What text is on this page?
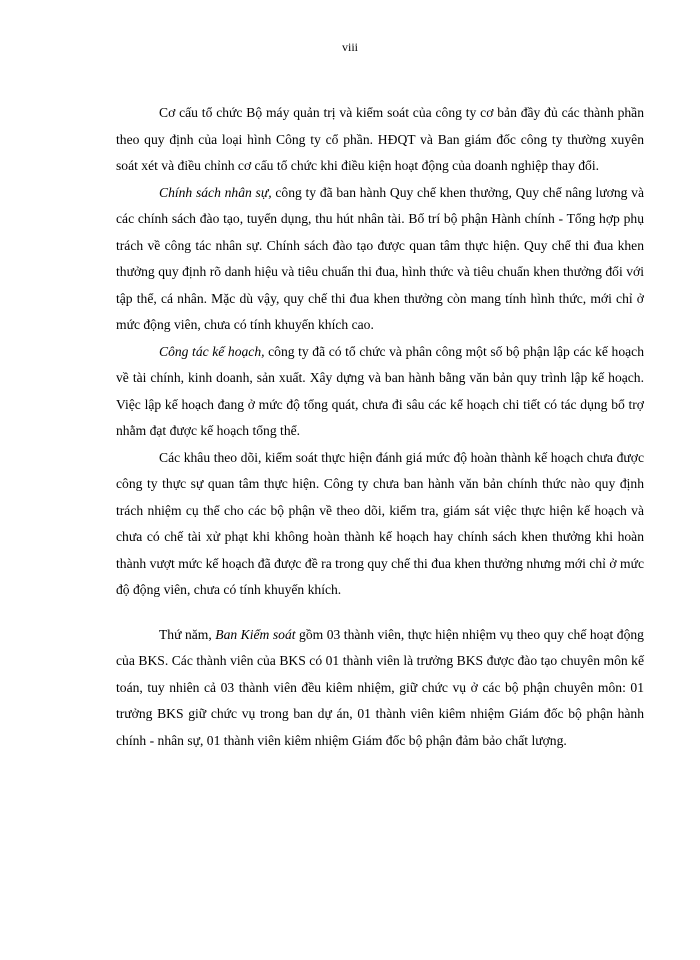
viii

Cơ cấu tổ chức Bộ máy quản trị và kiểm soát của công ty cơ bản đầy đủ các thành phần theo quy định của loại hình Công ty cổ phần. HĐQT và Ban giám đốc công ty thường xuyên soát xét và điều chỉnh cơ cấu tổ chức khi điều kiện hoạt động của doanh nghiệp thay đổi.

Chính sách nhân sự, công ty đã ban hành Quy chế khen thưởng, Quy chế nâng lương và các chính sách đào tạo, tuyển dụng, thu hút nhân tài. Bố trí bộ phận Hành chính - Tổng hợp phụ trách về công tác nhân sự. Chính sách đào tạo được quan tâm thực hiện. Quy chế thi đua khen thưởng quy định rõ danh hiệu và tiêu chuẩn thi đua, hình thức và tiêu chuẩn khen thưởng đối với tập thể, cá nhân. Mặc dù vậy, quy chế thi đua khen thưởng còn mang tính hình thức, mới chỉ ở mức động viên, chưa có tính khuyến khích cao.

Công tác kế hoạch, công ty đã có tổ chức và phân công một số bộ phận lập các kế hoạch về tài chính, kinh doanh, sản xuất. Xây dựng và ban hành bằng văn bản quy trình lập kế hoạch. Việc lập kế hoạch đang ở mức độ tổng quát, chưa đi sâu các kế hoạch chi tiết có tác dụng bổ trợ nhằm đạt được kế hoạch tổng thể.

Các khâu theo dõi, kiểm soát thực hiện đánh giá mức độ hoàn thành kế hoạch chưa được công ty thực sự quan tâm thực hiện. Công ty chưa ban hành văn bản chính thức nào quy định trách nhiệm cụ thể cho các bộ phận về theo dõi, kiểm tra, giám sát việc thực hiện kế hoạch và chưa có chế tài xử phạt khi không hoàn thành kế hoạch hay chính sách khen thưởng khi hoàn thành vượt mức kế hoạch đã được đề ra trong quy chế thi đua khen thưởng nhưng mới chỉ ở mức độ động viên, chưa có tính khuyến khích.

Thứ năm, Ban Kiểm soát gồm 03 thành viên, thực hiện nhiệm vụ theo quy chế hoạt động của BKS. Các thành viên của BKS có 01 thành viên là trưởng BKS được đào tạo chuyên môn kế toán, tuy nhiên cả 03 thành viên đều kiêm nhiệm, giữ chức vụ ở các bộ phận chuyên môn: 01 trưởng BKS giữ chức vụ trong ban dự án, 01 thành viên kiêm nhiệm Giám đốc bộ phận hành chính - nhân sự, 01 thành viên kiêm nhiệm Giám đốc bộ phận đảm bảo chất lượng.
